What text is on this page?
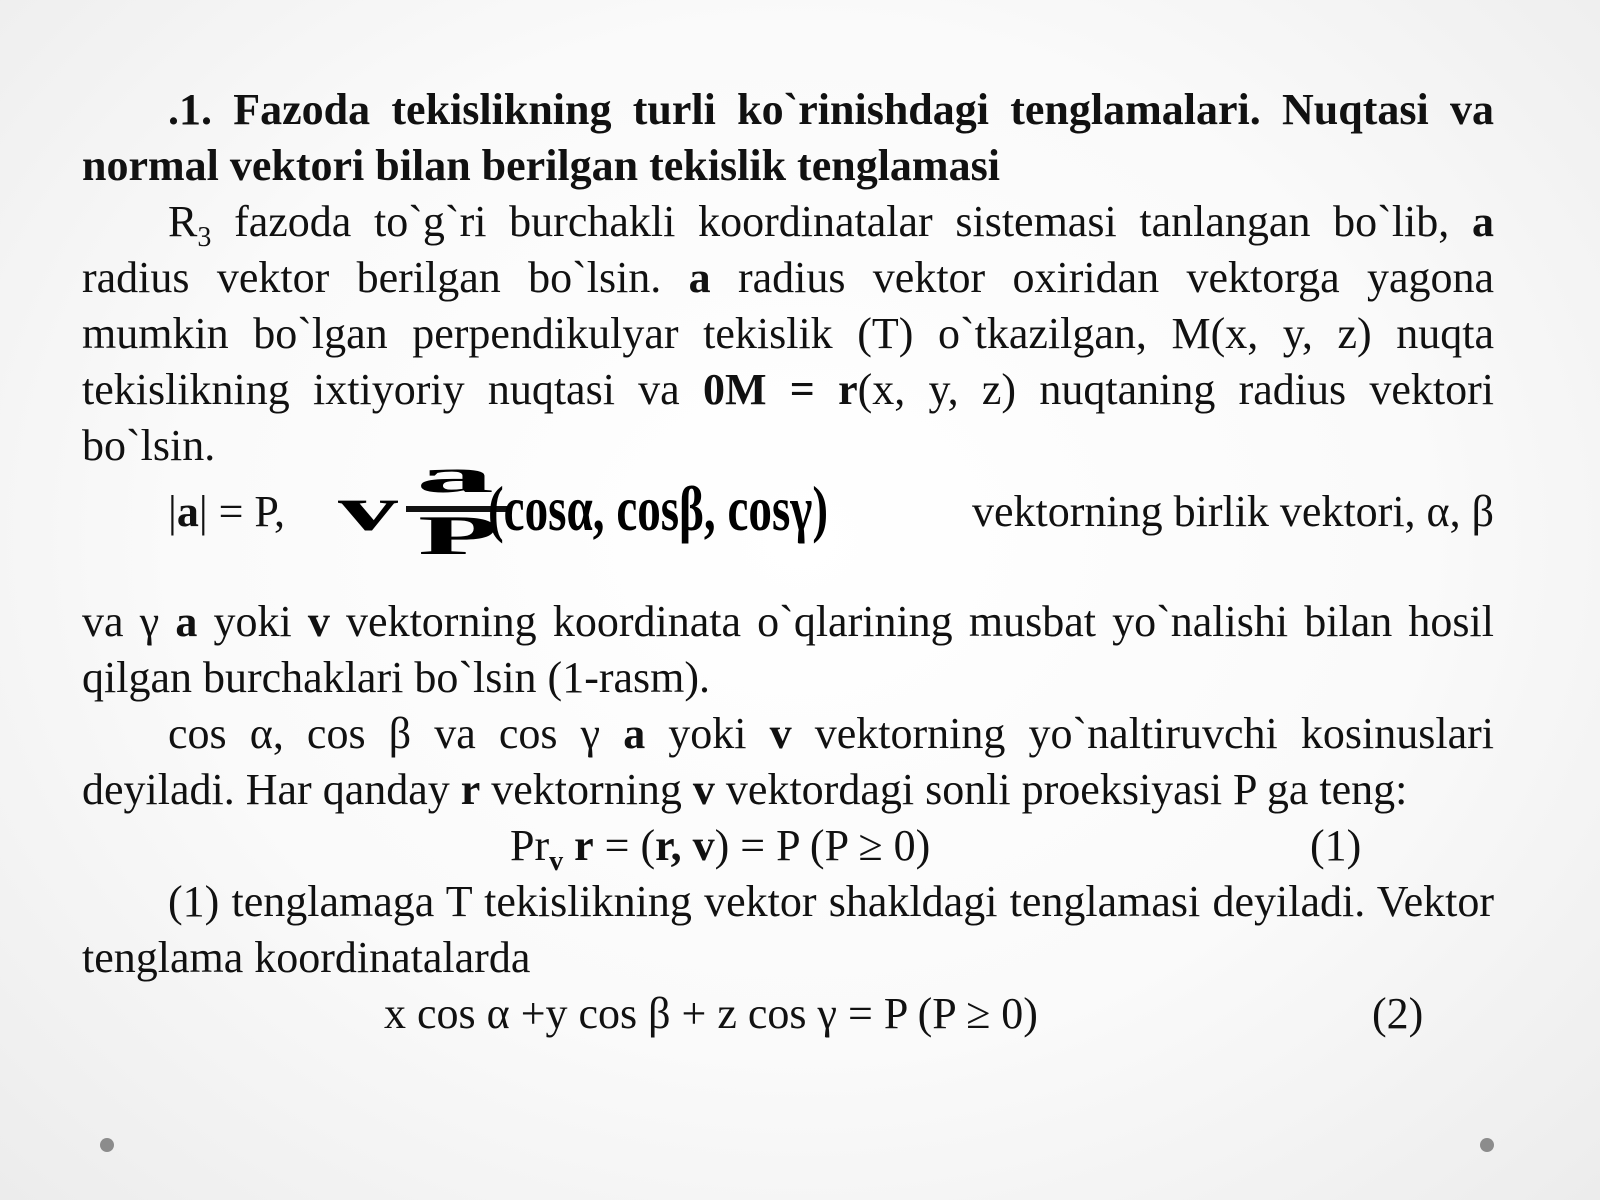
.1. Fazoda tekislikning turli ko`rinishdagi tenglamalari. Nuqtasi va normal vektori bilan berilgan tekislik tenglamasi

$R_3$ fazoda to`g`ri burchakli koordinatalar sistemasi tanlangan bo`lib, a radius vektor berilgan bo`lsin. a radius vektor oxiridan vektorga yagona mumkin bo`lgan perpendikulyar tekislik (T) o`tkazilgan, M(x, y, z) nuqta tekislikning ixtiyoriy nuqtasi va 0M = r(x, y, z) nuqtaning radius vektori bo`lsin.

|a| = P, v a
P
(cosα, cosβ, cosγ)	vektorning birlik vektori, α, β

va γ a yoki v vektorning koordinata o`qlarining musbat yo`nalishi bilan hosil qilgan burchaklari bo`lsin (1-rasm).

cos α, cos β va cos γ a yoki v vektorning yo`naltiruvchi kosinuslari deyiladi. Har qanday r vektorning v vektordagi sonli proeksiyasi P ga teng:

$Pr_v$ r = (r, v) = P (P ≥ 0)	(1)

(1) tenglamaga T tekislikning vektor shakldagi tenglamasi deyiladi. Vektor tenglama koordinatalarda

x cos α +y cos β + z cos γ = P (P ≥ 0)	(2)
